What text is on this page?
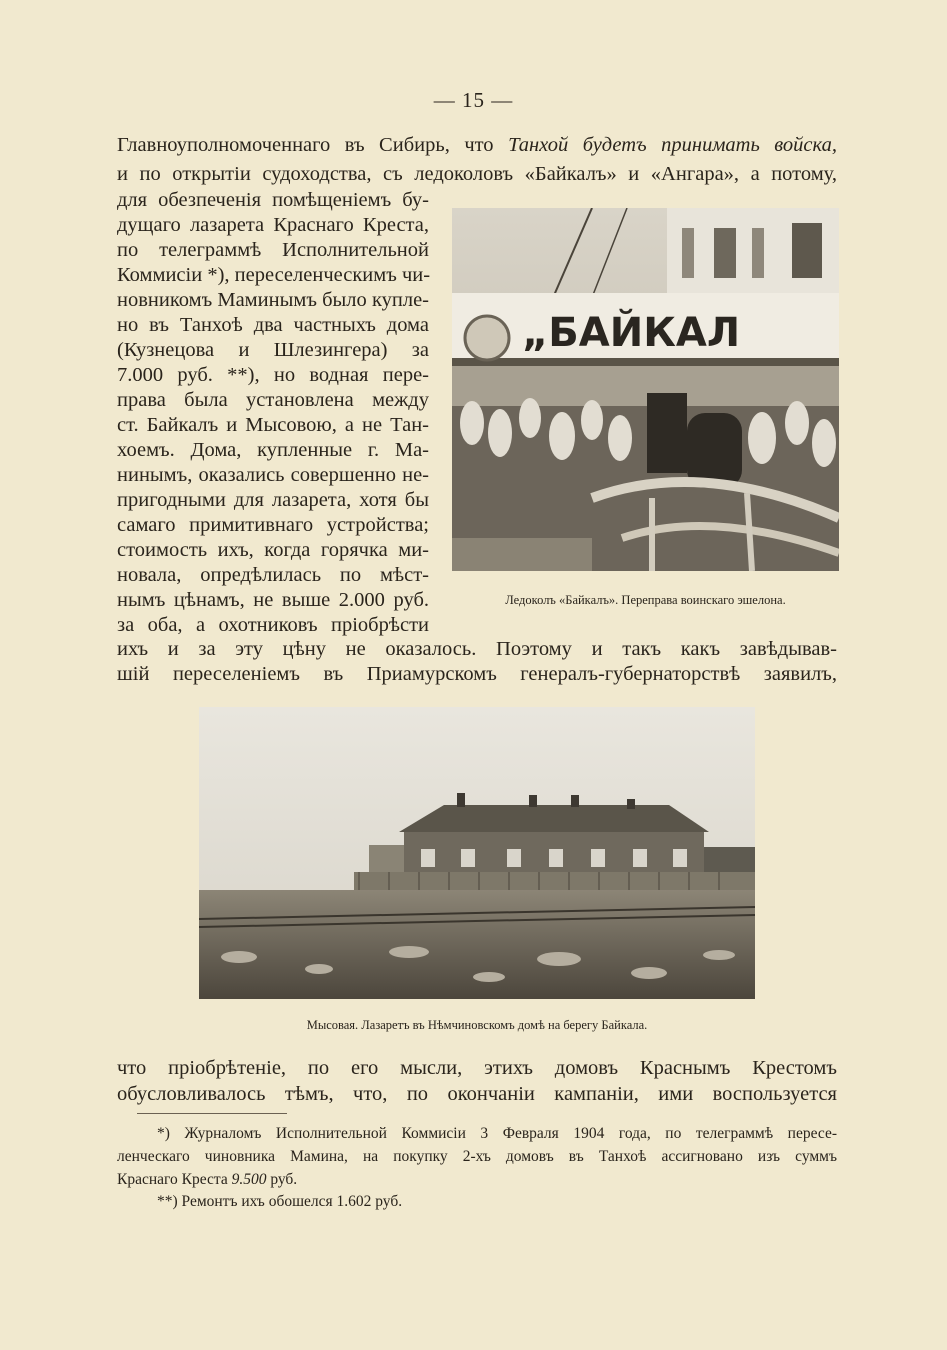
— 15 —

Главноуполномоченнаго въ Сибирь, что Танхой будетъ принимать войска,

и по открытіи судоходства, съ ледоколовъ «Байкалъ» и «Ангара», а потому,

для обезпеченія помѣщеніемъ бу-

дущаго лазарета Краснаго Креста,

по телеграммѣ Исполнительной

Коммисіи *), переселенческимъ чи-

новникомъ Маминымъ было купле-

но въ Танхоѣ два частныхъ дома

(Кузнецова и Шлезингера) за

7.000 руб. **), но водная пере-

права была установлена между

ст. Байкалъ и Мысовою, а не Тан-

хоемъ. Дома, купленные г. Ма-

нинымъ, оказались совершенно не-

пригодными для лазарета, хотя бы

самаго примитивнаго устройства;

стоимость ихъ, когда горячка ми-

новала, опредѣлилась по мѣст-

нымъ цѣнамъ, не выше 2.000 руб.

за оба, а охотниковъ пріобрѣсти

„БАЙКАЛ

Ледоколъ «Байкалъ». Переправа воинскаго эшелона.

ихъ и за эту цѣну не оказалось. Поэтому и такъ какъ завѣдывав-

шій переселеніемъ въ Приамурскомъ генералъ-губернаторствѣ заявилъ,

Мысовая. Лазаретъ въ Нѣмчиновскомъ домѣ на берегу Байкала.

что пріобрѣтеніе, по его мысли, этихъ домовъ Краснымъ Крестомъ

обусловливалось тѣмъ, что, по окончаніи кампаніи, ими воспользуется

*) Журналомъ Исполнительной Коммисіи 3 Февраля 1904 года, по телеграммѣ пересе-

ленческаго чиновника Мамина, на покупку 2-хъ домовъ въ Танхоѣ ассигновано изъ суммъ

Краснаго Креста 9.500 руб.

**) Ремонтъ ихъ обошелся 1.602 руб.
